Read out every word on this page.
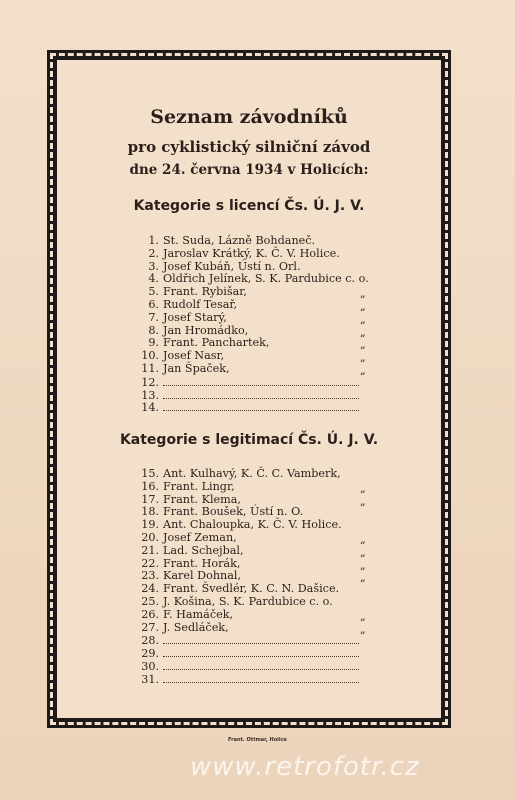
Seznam závodníků
pro cyklistický silniční závod
dne 24. června 1934 v Holicích:
Kategorie s licencí Čs. Ú. J. V.
1. St. Suda, Lázně Bohdaneč.
2. Jaroslav Krátký, K. Č. V. Holice.
3. Josef Kubáň, Ústí n. Orl.
4. Oldřich Jelínek, S. K. Pardubice c. o.
5. Frant. Rybišar,	„
6. Rudolf Tesař,	„
7. Josef Starý,	„
8. Jan Hromádko,	„
9. Frant. Panchartek,	„
10. Josef Nasr,	„
11. Jan Špaček,	„
12.
13.
14.
Kategorie s legitimací Čs. Ú. J. V.
15. Ant. Kulhavý, K. Č. C. Vamberk,
16. Frant. Lingr,	„
17. Frant. Klema,	„
18. Frant. Boušek, Ústí n. O.
19. Ant. Chaloupka, K. Č. V. Holice.
20. Josef Zeman,	„
21. Lad. Schejbal,	„
22. Frant. Horák,	„
23. Karel Dohnal,	„
24. Frant. Švedlér, K. C. N. Dašice.
25. J. Košina, S. K. Pardubice c. o.
26. F. Hamáček,	„
27. J. Sedláček,	„
28.
29.
30.
31.
Frant. Ottmar, Holice
www.retrofotr.cz
